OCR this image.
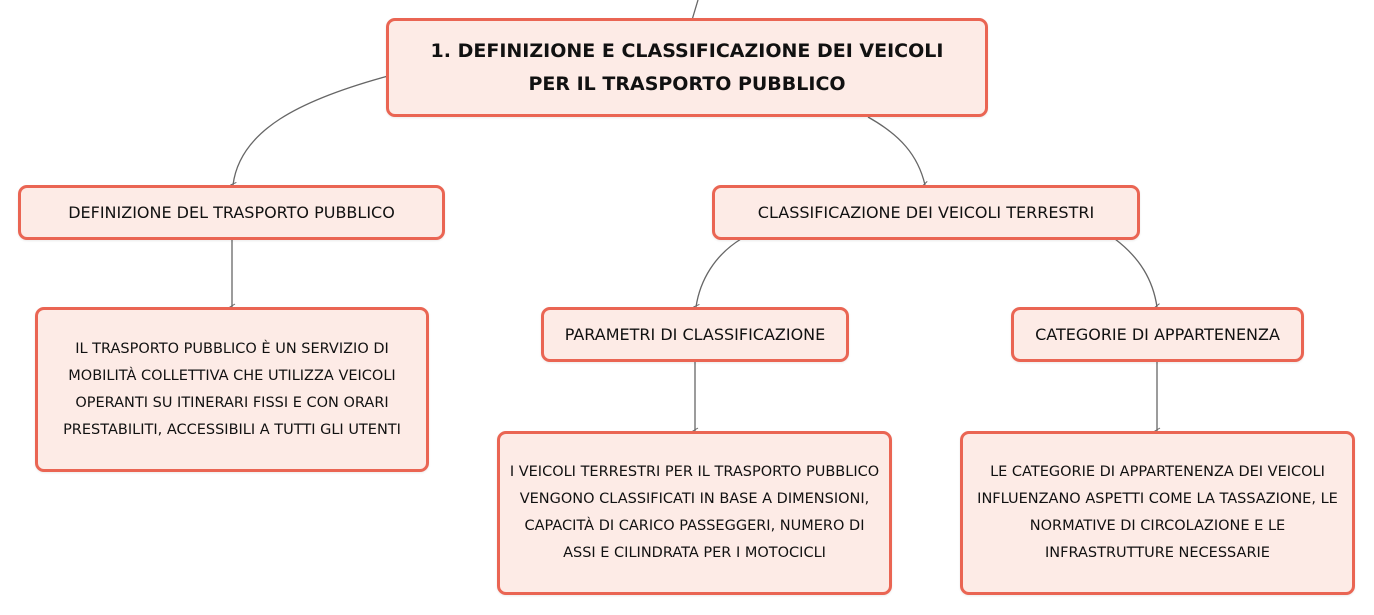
1. DEFINIZIONE E CLASSIFICAZIONE DEI VEICOLI PER IL TRASPORTO PUBBLICO
DEFINIZIONE DEL TRASPORTO PUBBLICO	CLASSIFICAZIONE DEI VEICOLI TERRESTRI
IL TRASPORTO PUBBLICO È UN SERVIZIO DI MOBILITÀ COLLETTIVA CHE UTILIZZA VEICOLI OPERANTI SU ITINERARI FISSI E CON ORARI PRESTABILITI, ACCESSIBILI A TUTTI GLI UTENTI
PARAMETRI DI CLASSIFICAZIONE	CATEGORIE DI APPARTENENZA
I VEICOLI TERRESTRI PER IL TRASPORTO PUBBLICO VENGONO CLASSIFICATI IN BASE A DIMENSIONI, CAPACITÀ DI CARICO PASSEGGERI, NUMERO DI ASSI E CILINDRATA PER I MOTOCICLI
LE CATEGORIE DI APPARTENENZA DEI VEICOLI INFLUENZANO ASPETTI COME LA TASSAZIONE, LE NORMATIVE DI CIRCOLAZIONE E LE INFRASTRUTTURE NECESSARIE
